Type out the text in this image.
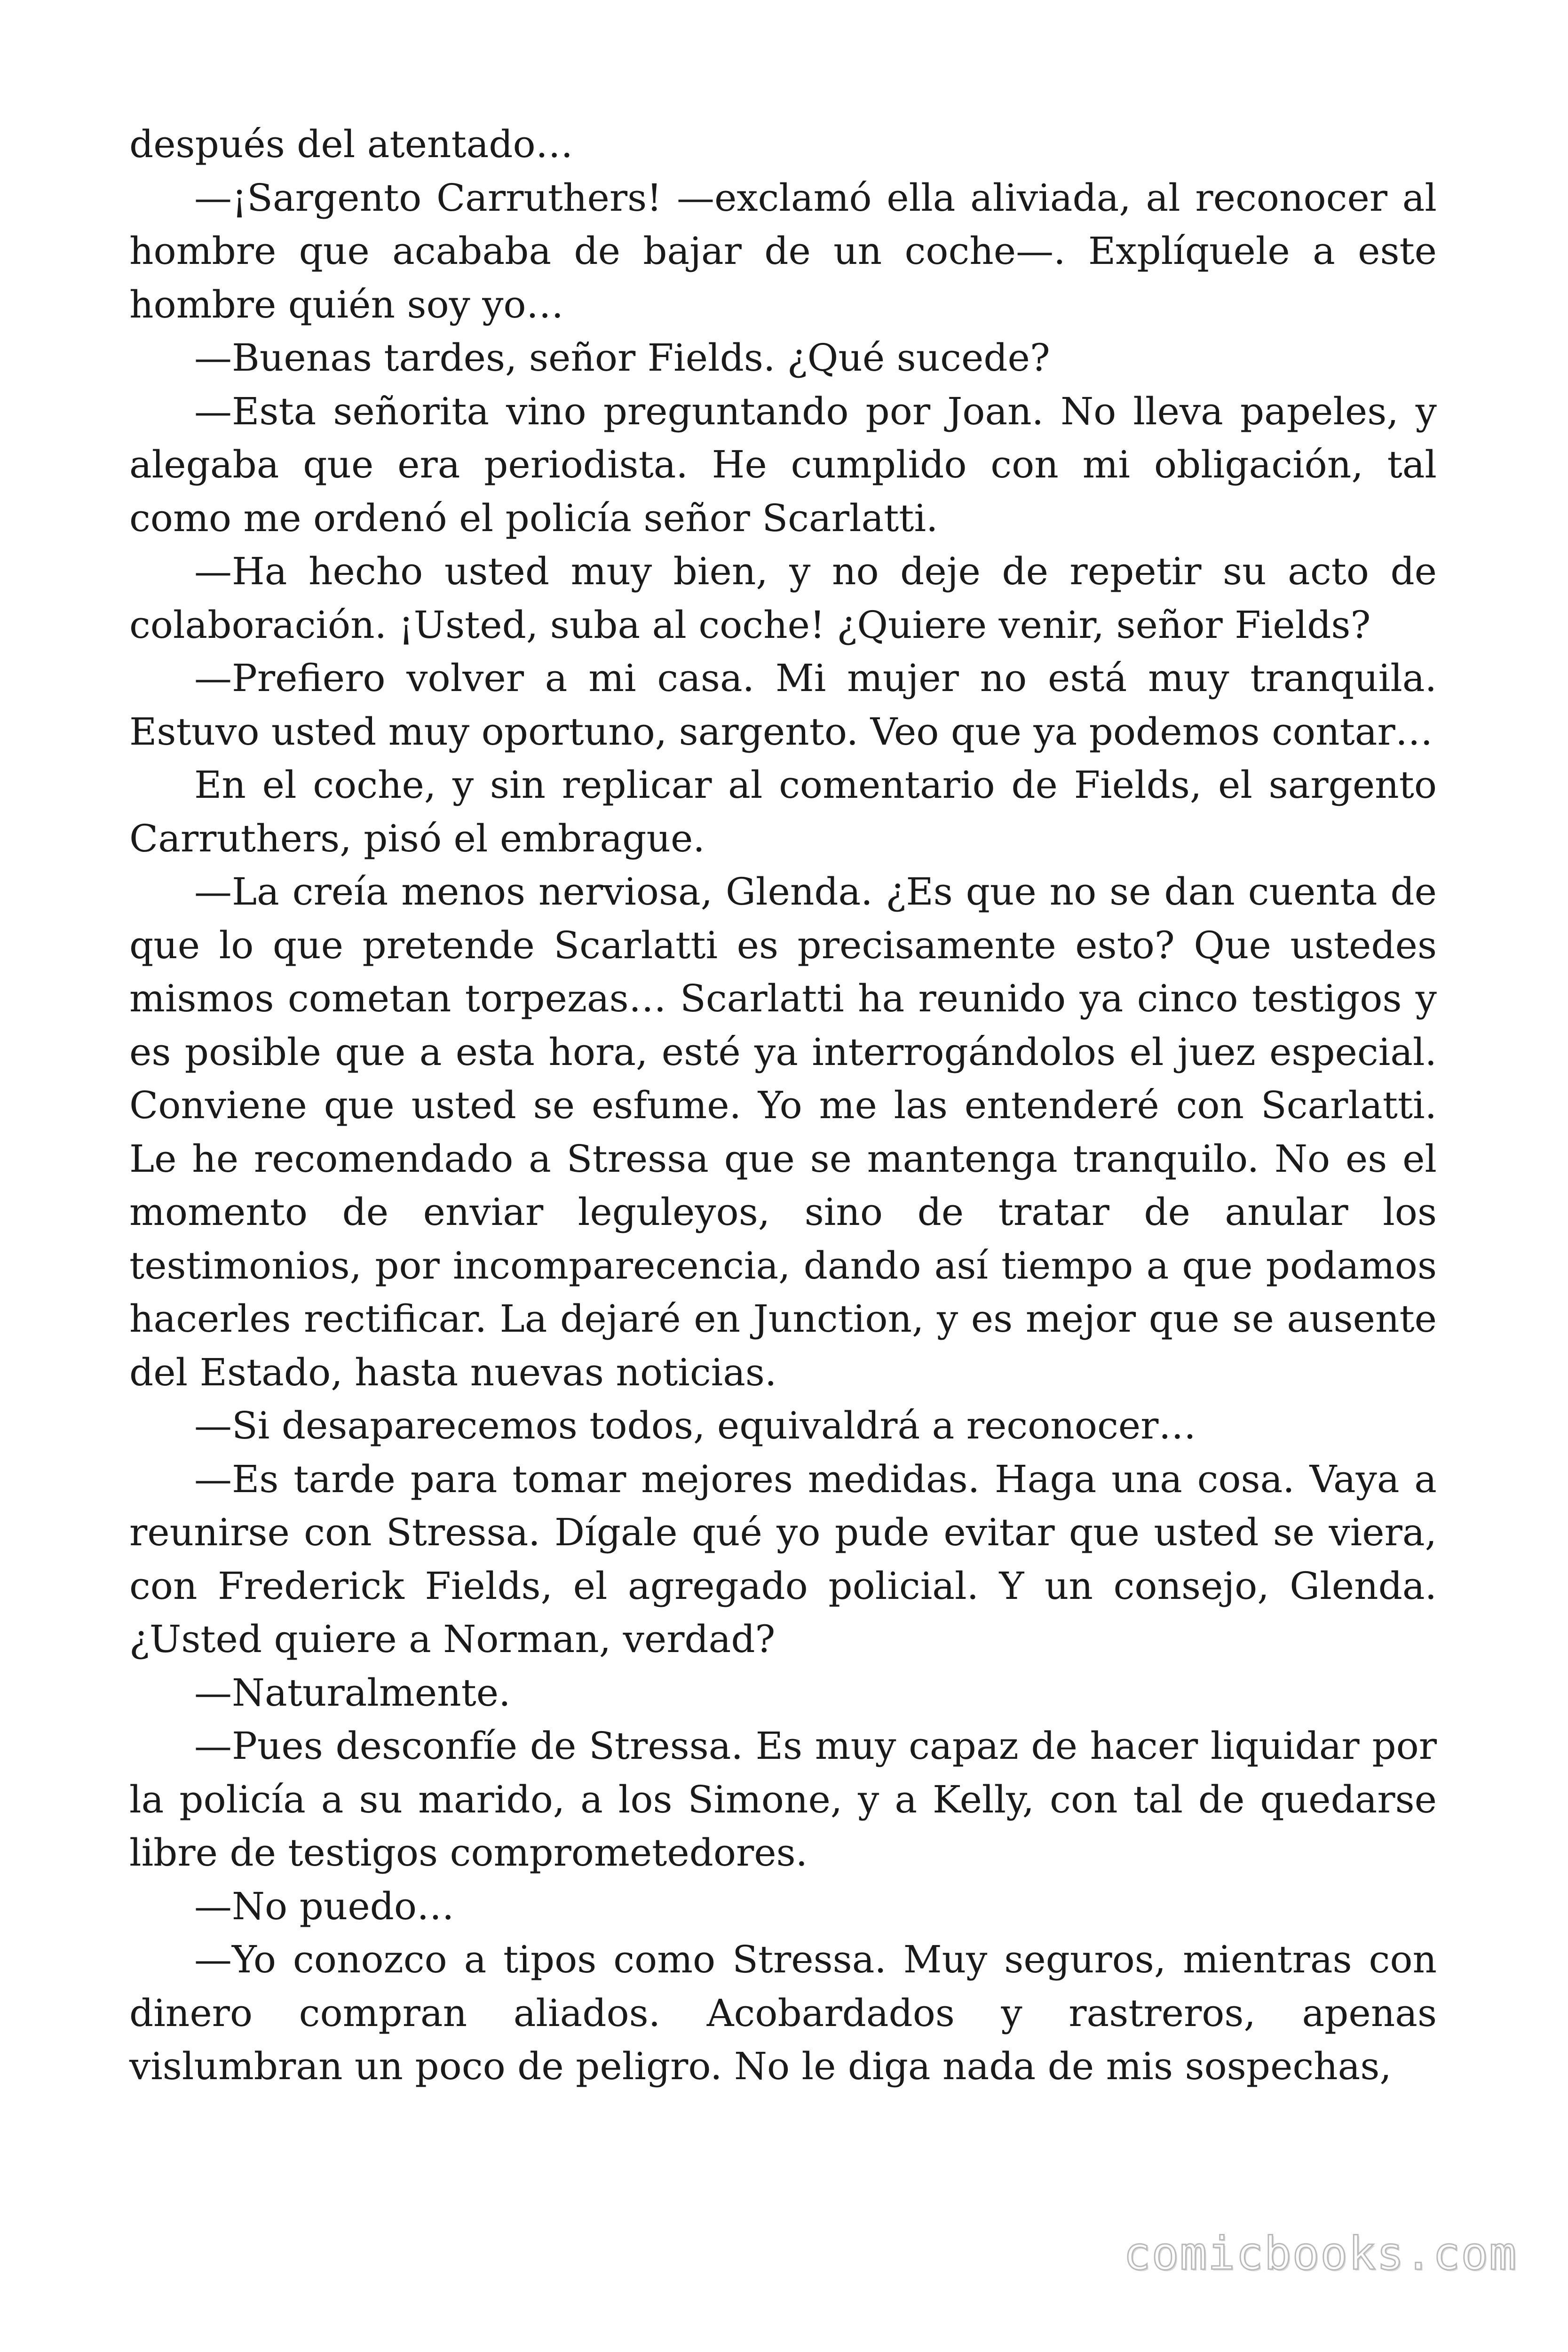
después del atentado…

—¡Sargento Carruthers! —exclamó ella aliviada, al reconocer al hombre que acababa de bajar de un coche—. Explíquele a este hombre quién soy yo…

—Buenas tardes, señor Fields. ¿Qué sucede?

—Esta señorita vino preguntando por Joan. No lleva papeles, y alegaba que era periodista. He cumplido con mi obligación, tal como me ordenó el policía señor Scarlatti.

—Ha hecho usted muy bien, y no deje de repetir su acto de colaboración. ¡Usted, suba al coche! ¿Quiere venir, señor Fields?

—Prefiero volver a mi casa. Mi mujer no está muy tranquila. Estuvo usted muy oportuno, sargento. Veo que ya podemos contar…

En el coche, y sin replicar al comentario de Fields, el sargento Carruthers, pisó el embrague.

—La creía menos nerviosa, Glenda. ¿Es que no se dan cuenta de que lo que pretende Scarlatti es precisamente esto? Que ustedes mismos cometan torpezas… Scarlatti ha reunido ya cinco testigos y es posible que a esta hora, esté ya interrogándolos el juez especial. Conviene que usted se esfume. Yo me las entenderé con Scarlatti. Le he recomendado a Stressa que se mantenga tranquilo. No es el momento de enviar leguleyos, sino de tratar de anular los testimonios, por incomparecencia, dando así tiempo a que podamos hacerles rectificar. La dejaré en Junction, y es mejor que se ausente del Estado, hasta nuevas noticias.

—Si desaparecemos todos, equivaldrá a reconocer…

—Es tarde para tomar mejores medidas. Haga una cosa. Vaya a reunirse con Stressa. Dígale qué yo pude evitar que usted se viera, con Frederick Fields, el agregado policial. Y un consejo, Glenda. ¿Usted quiere a Norman, verdad?

—Naturalmente.

—Pues desconfíe de Stressa. Es muy capaz de hacer liquidar por la policía a su marido, a los Simone, y a Kelly, con tal de quedarse libre de testigos comprometedores.

—No puedo…

—Yo conozco a tipos como Stressa. Muy seguros, mientras con dinero compran aliados. Acobardados y rastreros, apenas vislumbran un poco de peligro. No le diga nada de mis sospechas,

comicbooks.com
